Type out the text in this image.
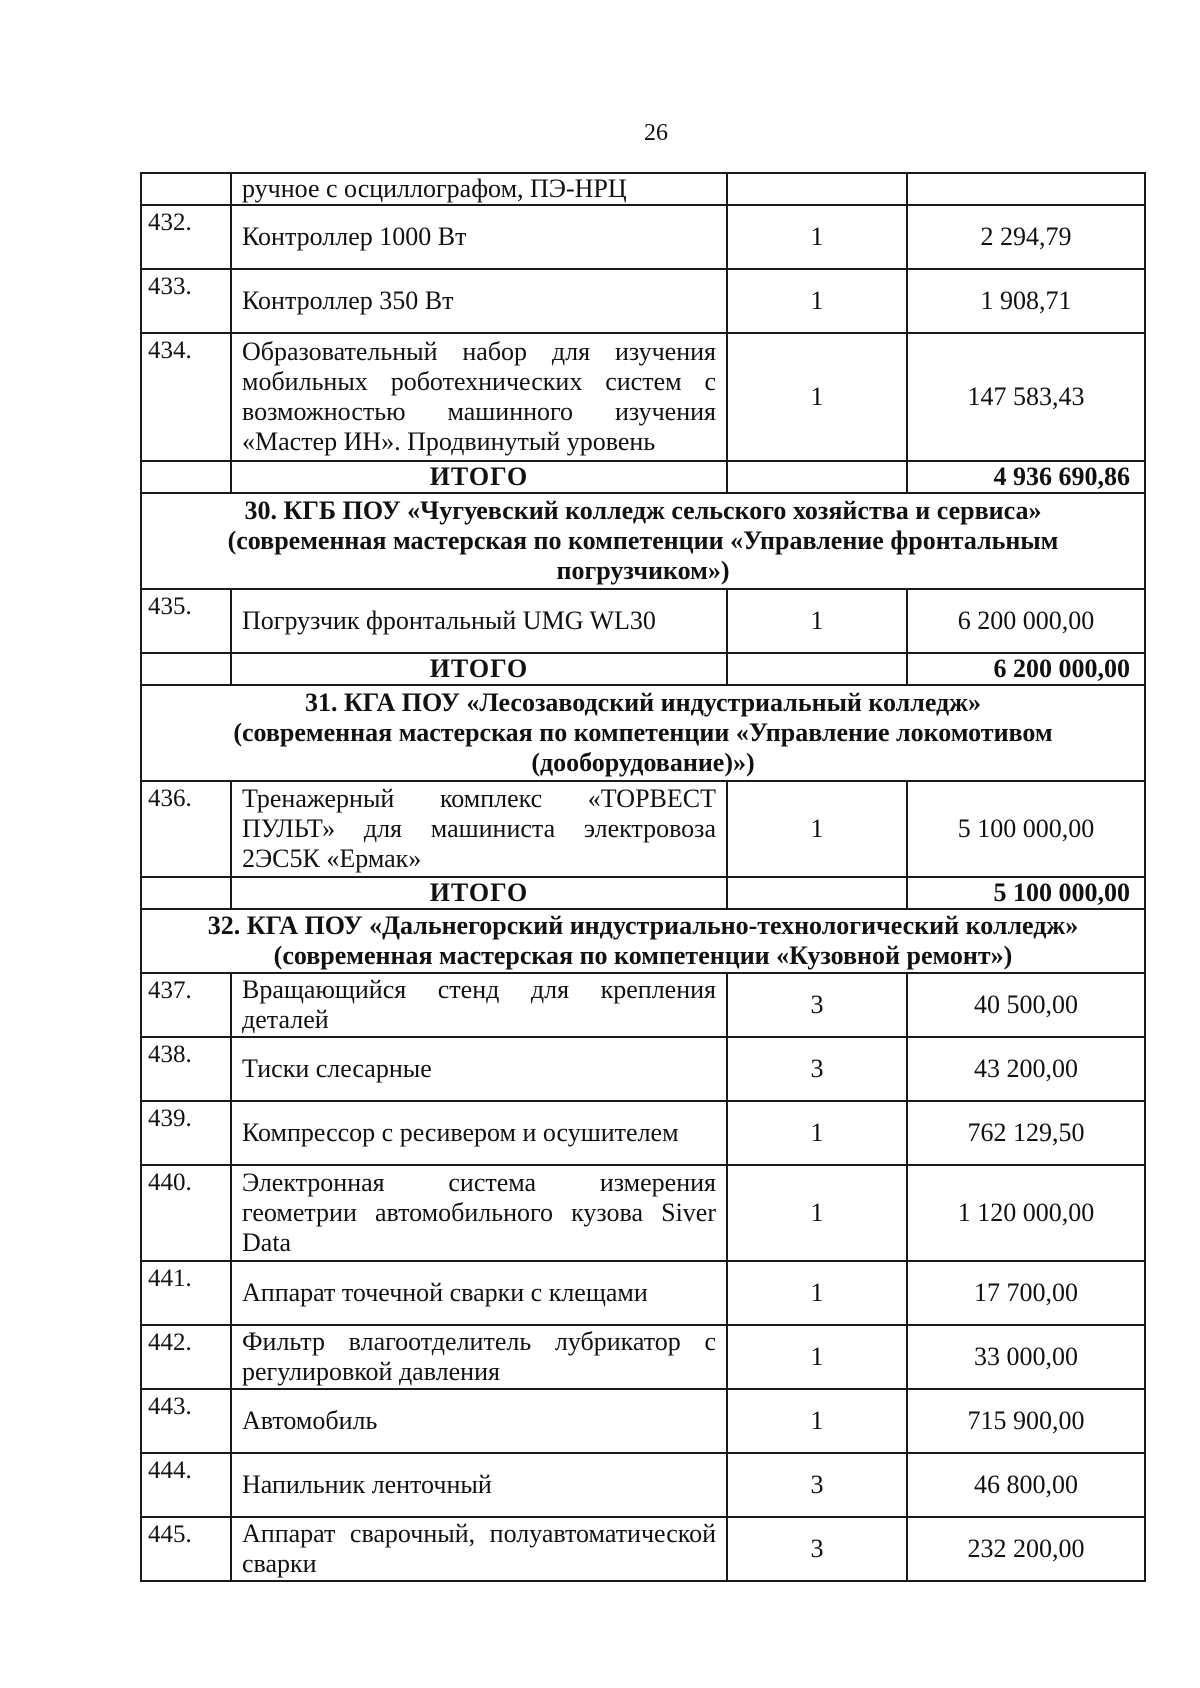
26
	ручное с осциллографом, ПЭ-НРЦ		
432.	Контроллер 1000 Вт	1	2 294,79
433.	Контроллер 350 Вт	1	1 908,71
434.	Образовательный набор для изучения мобильных роботехнических систем с возможностью машинного изучения «Мастер ИН». Продвинутый уровень	1	147 583,43
	ИТОГО		4 936 690,86

30. КГБ ПОУ «Чугуевский колледж сельского хозяйства и сервиса»
(современная мастерская по компетенции «Управление фронтальным погрузчиком»)			

435.	Погрузчик фронтальный UMG WL30	1	6 200 000,00
	ИТОГО		6 200 000,00

31. КГА ПОУ «Лесозаводский индустриальный колледж»
(современная мастерская по компетенции «Управление локомотивом (дооборудование)»)			

436.	Тренажерный комплекс «ТОРВЕСТ ПУЛЬТ» для машиниста электровоза 2ЭС5К «Ермак»	1	5 100 000,00
	ИТОГО		5 100 000,00

32. КГА ПОУ «Дальнегорский индустриально-технологический колледж»
(современная мастерская по компетенции «Кузовной ремонт»)			

437.	Вращающийся стенд для крепления деталей	3	40 500,00
438.	Тиски слесарные	3	43 200,00
439.	Компрессор с ресивером и осушителем	1	762 129,50
440.	Электронная система измерения геометрии автомобильного кузова Siver Data	1	1 120 000,00
441.	Аппарат точечной сварки с клещами	1	17 700,00
442.	Фильтр влагоотделитель лубрикатор с регулировкой давления	1	33 000,00
443.	Автомобиль	1	715 900,00
444.	Напильник ленточный	3	46 800,00
445.	Аппарат сварочный, полуавтоматической сварки	3	232 200,00
